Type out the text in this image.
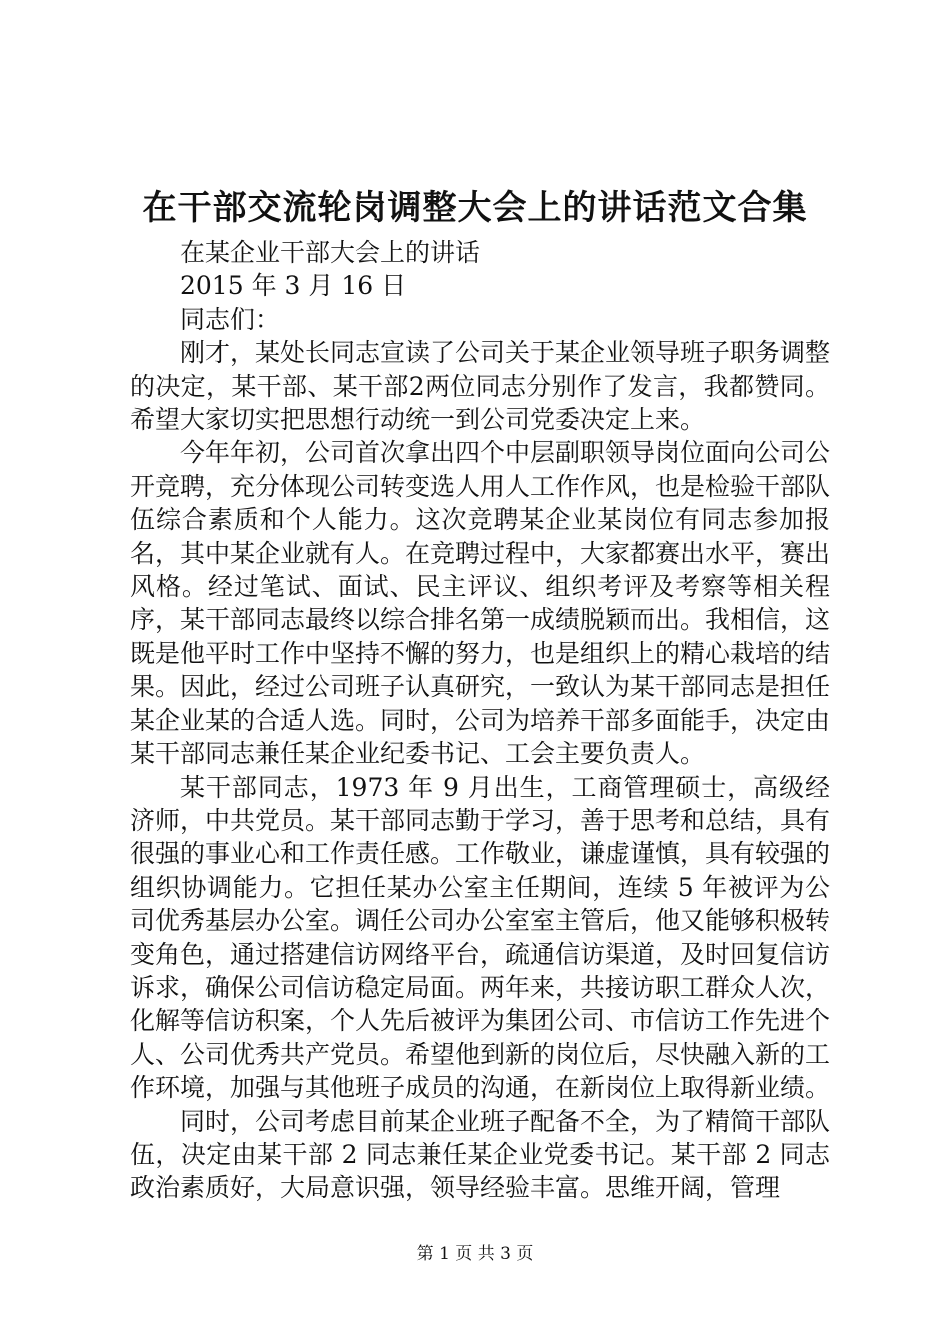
在干部交流轮岗调整大会上的讲话范文合集

在某企业干部大会上的讲话

2015 年 3 月 16 日

同志们：

刚才，某处长同志宣读了公司关于某企业领导班子职务调整的决定，某干部、某干部2两位同志分别作了发言，我都赞同。希望大家切实把思想行动统一到公司党委决定上来。

今年年初，公司首次拿出四个中层副职领导岗位面向公司公开竞聘，充分体现公司转变选人用人工作作风，也是检验干部队伍综合素质和个人能力。这次竞聘某企业某岗位有同志参加报名，其中某企业就有人。在竞聘过程中，大家都赛出水平，赛出风格。经过笔试、面试、民主评议、组织考评及考察等相关程序，某干部同志最终以综合排名第一成绩脱颖而出。我相信，这既是他平时工作中坚持不懈的努力，也是组织上的精心栽培的结果。因此，经过公司班子认真研究，一致认为某干部同志是担任某企业某的合适人选。同时，公司为培养干部多面能手，决定由某干部同志兼任某企业纪委书记、工会主要负责人。

某干部同志，1973 年 9 月出生，工商管理硕士，高级经济师，中共党员。某干部同志勤于学习，善于思考和总结，具有很强的事业心和工作责任感。工作敬业，谦虚谨慎，具有较强的组织协调能力。它担任某办公室主任期间，连续 5 年被评为公司优秀基层办公室。调任公司办公室室主管后，他又能够积极转变角色，通过搭建信访网络平台，疏通信访渠道，及时回复信访诉求，确保公司信访稳定局面。两年来，共接访职工群众人次，化解等信访积案，个人先后被评为集团公司、市信访工作先进个人、公司优秀共产党员。希望他到新的岗位后，尽快融入新的工作环境，加强与其他班子成员的沟通，在新岗位上取得新业绩。

同时，公司考虑目前某企业班子配备不全，为了精简干部队伍，决定由某干部 2 同志兼任某企业党委书记。某干部 2 同志政治素质好，大局意识强，领导经验丰富。思维开阔，管理

第 1 页 共 3 页
